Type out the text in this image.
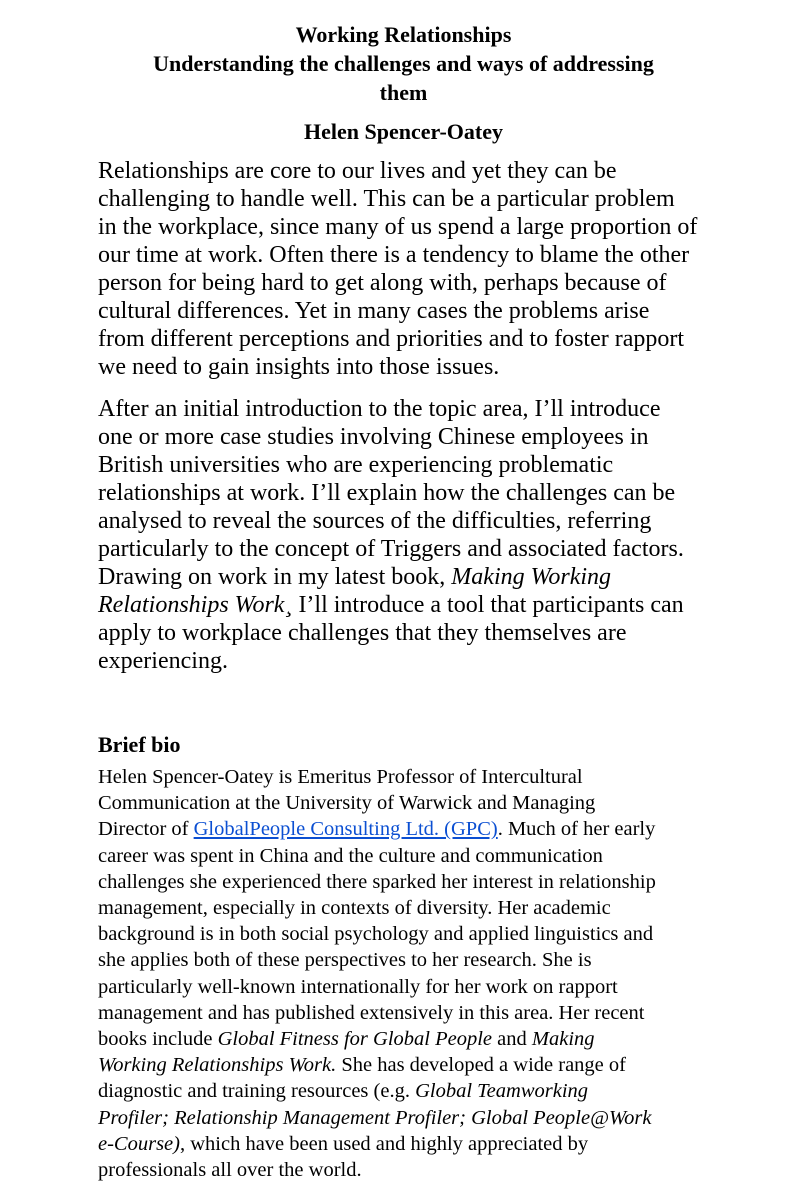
Working Relationships
Understanding the challenges and ways of addressing
them
Helen Spencer-Oatey
Relationships are core to our lives and yet they can be
challenging to handle well. This can be a particular problem
in the workplace, since many of us spend a large proportion of
our time at work. Often there is a tendency to blame the other
person for being hard to get along with, perhaps because of
cultural differences. Yet in many cases the problems arise
from different perceptions and priorities and to foster rapport
we need to gain insights into those issues.
After an initial introduction to the topic area, I’ll introduce
one or more case studies involving Chinese employees in
British universities who are experiencing problematic
relationships at work. I’ll explain how the challenges can be
analysed to reveal the sources of the difficulties, referring
particularly to the concept of Triggers and associated factors.
Drawing on work in my latest book, Making Working
Relationships Work¸ I’ll introduce a tool that participants can
apply to workplace challenges that they themselves are
experiencing.
Brief bio
Helen Spencer-Oatey is Emeritus Professor of Intercultural
Communication at the University of Warwick and Managing
Director of GlobalPeople Consulting Ltd. (GPC). Much of her early
career was spent in China and the culture and communication
challenges she experienced there sparked her interest in relationship
management, especially in contexts of diversity. Her academic
background is in both social psychology and applied linguistics and
she applies both of these perspectives to her research. She is
particularly well-known internationally for her work on rapport
management and has published extensively in this area. Her recent
books include Global Fitness for Global People and Making
Working Relationships Work. She has developed a wide range of
diagnostic and training resources (e.g. Global Teamworking
Profiler; Relationship Management Profiler; Global People@Work
e-Course), which have been used and highly appreciated by
professionals all over the world.
